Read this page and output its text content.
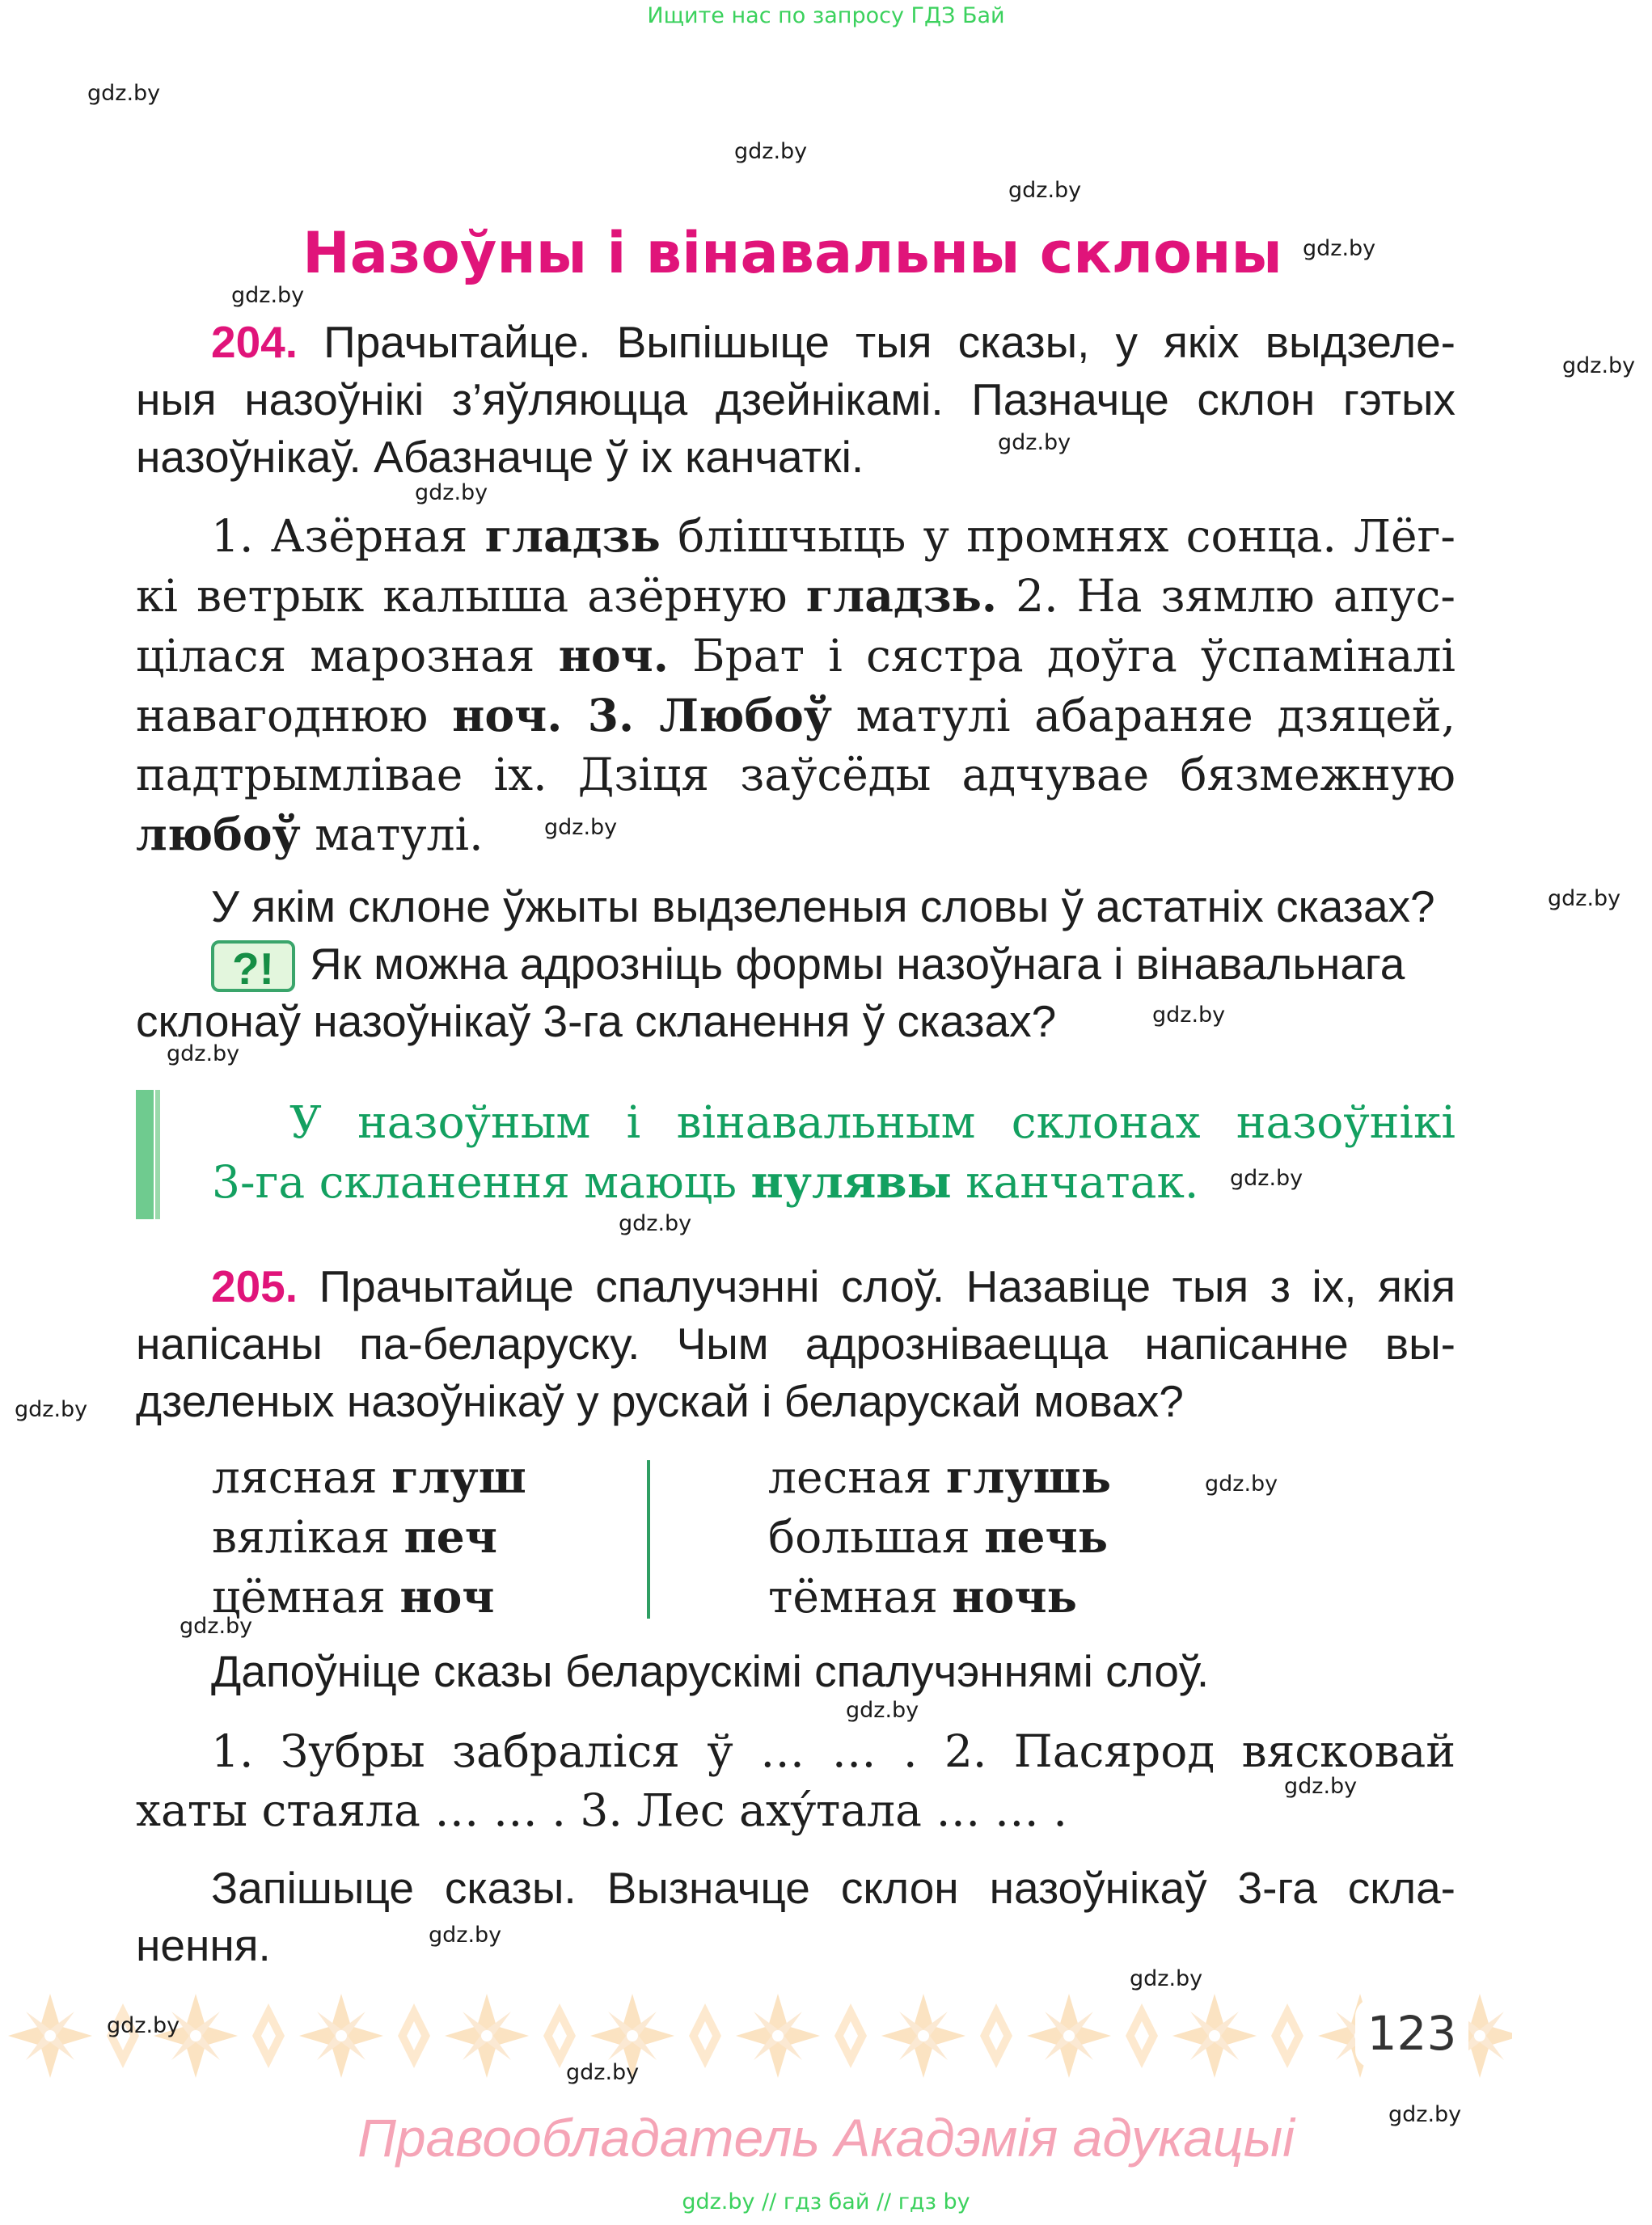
Ищите нас по запросу ГДЗ Бай
gdz.by
gdz.by
gdz.by
gdz.by
gdz.by
gdz.by
gdz.by
gdz.by
gdz.by
gdz.by
gdz.by
gdz.by
gdz.by
gdz.by
gdz.by
gdz.by
gdz.by
gdz.by
gdz.by
gdz.by
gdz.by
gdz.by
gdz.by
Назоўны і вінавальны склоны
204. Прачытайце. Выпішыце тыя сказы, у якіх выдзеле-
ныя назоўнікі з’яўляюцца дзейнікамі. Пазначце склон гэтых
назоўнікаў. Абазначце ў іх канчаткі.
1. Азёрная гладзь блішчыць у промнях сонца. Лёг-
кі ветрык калыша азёрную гладзь. 2. На зямлю апус-
цілася марозная ноч. Брат і сястра доўга ўспаміналі
навагоднюю ноч. 3. Любоў матулі абараняе дзяцей,
падтрымлівае іх. Дзіця заўсёды адчувае бязмежную
любоў матулі.
У якім склоне ўжыты выдзеленыя словы ў астатніх сказах?
?! Як можна адрозніць формы назоўнага і вінавальнага
склонаў назоўнікаў 3-га скланення ў сказах?
У назоўным і вінавальным склонах назоўнікі
3-га скланення маюць нулявы канчатак.
205. Прачытайце спалучэнні слоў. Назавіце тыя з іх, якія
напісаны па-беларуску. Чым адрозніваецца напісанне вы-
дзеленых назоўнікаў у рускай і беларускай мовах?
лясная глуш
вялікая печ
цёмная ноч
лесная глушь
большая печь
тёмная ночь
Дапоўніце сказы беларускімі спалучэннямі слоў.
1. Зубры забраліся ў … … . 2. Пасярод вясковай
хаты стаяла … … . 3. Лес ахýтала … … .
Запішыце сказы. Вызначце склон назоўнікаў 3-га скла-
нення.
gdz.by	123
Правообладатель Акадэмія адукацыі
gdz.by // гдз бай // гдз by
